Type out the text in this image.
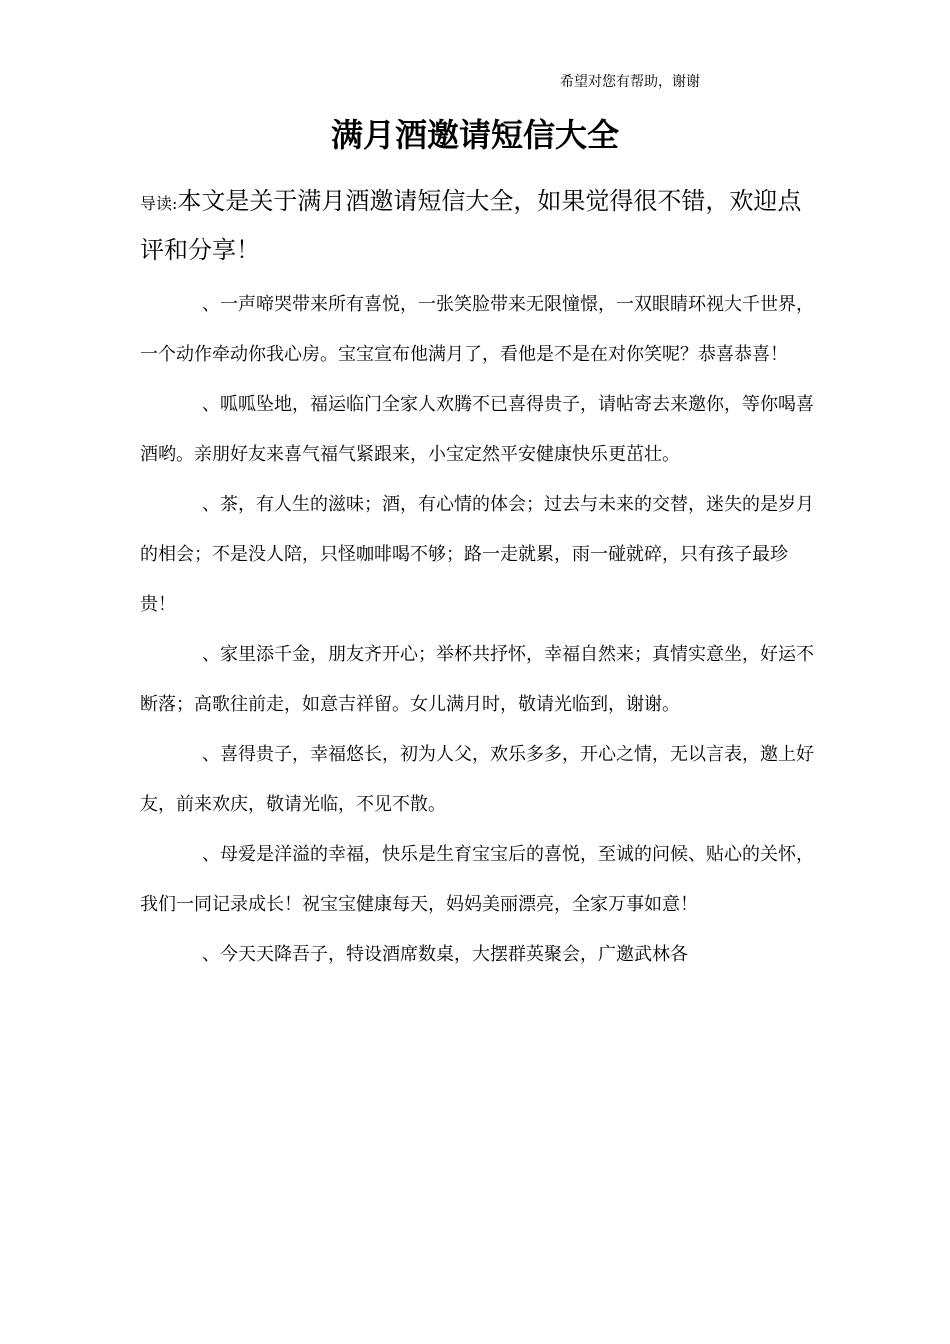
希望对您有帮助，谢谢
满月酒邀请短信大全

导读:本文是关于满月酒邀请短信大全，如果觉得很不错，欢迎点评和分享！

、一声啼哭带来所有喜悦，一张笑脸带来无限憧憬，一双眼睛环视大千世界，一个动作牵动你我心房。宝宝宣布他满月了，看他是不是在对你笑呢？恭喜恭喜！

、呱呱坠地，福运临门全家人欢腾不已喜得贵子，请帖寄去来邀你，等你喝喜酒哟。亲朋好友来喜气福气紧跟来，小宝定然平安健康快乐更茁壮。

、茶，有人生的滋味；酒，有心情的体会；过去与未来的交替，迷失的是岁月的相会；不是没人陪，只怪咖啡喝不够；路一走就累，雨一碰就碎，只有孩子最珍贵！

、家里添千金，朋友齐开心；举杯共抒怀，幸福自然来；真情实意坐，好运不断落；高歌往前走，如意吉祥留。女儿满月时，敬请光临到，谢谢。

、喜得贵子，幸福悠长，初为人父，欢乐多多，开心之情，无以言表，邀上好友，前来欢庆，敬请光临，不见不散。

、母爱是洋溢的幸福，快乐是生育宝宝后的喜悦，至诚的问候、贴心的关怀，我们一同记录成长！祝宝宝健康每天，妈妈美丽漂亮，全家万事如意！

、今天天降吾子，特设酒席数桌，大摆群英聚会，广邀武林各
